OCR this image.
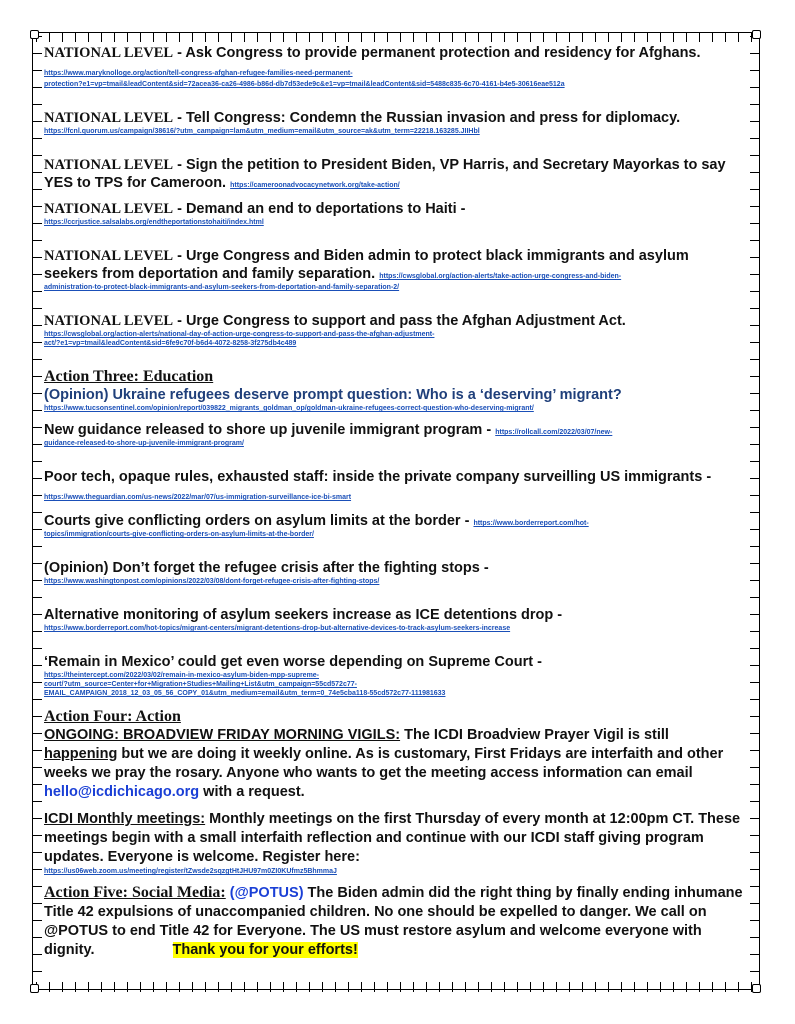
NATIONAL LEVEL - Ask Congress to provide permanent protection and residency for Afghans. https://www.maryknolloge.org/action/tell-congress-afghan-refugee-families-need-permanent-
protection?e1=vp=tmail&leadContent&sid=72acea36-ca26-4986-b86d-db7d53ede9c&e1=vp=tmail&leadContent&sid=5488c835-6c70-4161-b4e5-30616eae512a
NATIONAL LEVEL - Tell Congress: Condemn the Russian invasion and press for diplomacy.
https://fcnl.quorum.us/campaign/38616/?utm_campaign=lam&utm_medium=email&utm_source=ak&utm_term=22218.163285.JIIHbl
NATIONAL LEVEL - Sign the petition to President Biden, VP Harris, and Secretary Mayorkas to say YES to TPS for Cameroon. https://cameroonadvocacynetwork.org/take-action/
NATIONAL LEVEL - Demand an end to deportations to Haiti -
https://ccrjustice.salsalabs.org/endtheportationstohaiti/index.html
NATIONAL LEVEL - Urge Congress and Biden admin to protect black immigrants and asylum seekers from deportation and family separation. https://cwsglobal.org/action-alerts/take-action-urge-congress-and-biden-
administration-to-protect-black-immigrants-and-asylum-seekers-from-deportation-and-family-separation-2/
NATIONAL LEVEL - Urge Congress to support and pass the Afghan Adjustment Act.
https://cwsglobal.org/action-alerts/national-day-of-action-urge-congress-to-support-and-pass-the-afghan-adjustment-
act/?e1=vp=tmail&leadContent&sid=6fe9c70f-b6d4-4072-8258-3f275db4c489
Action Three: Education
(Opinion) Ukraine refugees deserve prompt question: Who is a ‘deserving’ migrant?
https://www.tucsonsentinel.com/opinion/report/039822_migrants_goldman_op/goldman-ukraine-refugees-correct-question-who-deserving-migrant/
New guidance released to shore up juvenile immigrant program - https://rollcall.com/2022/03/07/new-
guidance-released-to-shore-up-juvenile-immigrant-program/
Poor tech, opaque rules, exhausted staff: inside the private company surveilling US immigrants - https://www.theguardian.com/us-news/2022/mar/07/us-immigration-surveillance-ice-bi-smart
Courts give conflicting orders on asylum limits at the border - https://www.borderreport.com/hot-
topics/immigration/courts-give-conflicting-orders-on-asylum-limits-at-the-border/
(Opinion) Don’t forget the refugee crisis after the fighting stops -
https://www.washingtonpost.com/opinions/2022/03/08/dont-forget-refugee-crisis-after-fighting-stops/
Alternative monitoring of asylum seekers increase as ICE detentions drop -
https://www.borderreport.com/hot-topics/migrant-centers/migrant-detentions-drop-but-alternative-devices-to-track-asylum-seekers-increase
‘Remain in Mexico’ could get even worse depending on Supreme Court -
https://theintercept.com/2022/03/02/remain-in-mexico-asylum-biden-mpp-supreme-
court/?utm_source=Center+for+Migration+Studies+Mailing+List&utm_campaign=55cd572c77-
EMAIL_CAMPAIGN_2018_12_03_05_56_COPY_01&utm_medium=email&utm_term=0_74e5cba118-55cd572c77-111981633
Action Four: Action
ONGOING: BROADVIEW FRIDAY MORNING VIGILS: The ICDI Broadview Prayer Vigil is still happening but we are doing it weekly online. As is customary, First Fridays are interfaith and other weeks we pray the rosary. Anyone who wants to get the meeting access information can email hello@icdichicago.org with a request.
ICDI Monthly meetings: Monthly meetings on the first Thursday of every month at 12:00pm CT. These meetings begin with a small interfaith reflection and continue with our ICDI staff giving program updates. Everyone is welcome. Register here:
https://us06web.zoom.us/meeting/register/tZwsde2sqzgtHtJHU97m0ZI0KUfmz5BhmmaJ
Action Five: Social Media: (@POTUS) The Biden admin did the right thing by finally ending inhumane Title 42 expulsions of unaccompanied children. No one should be expelled to danger. We call on @POTUS to end Title 42 for Everyone. The US must restore asylum and welcome everyone with dignity.	Thank you for your efforts!
